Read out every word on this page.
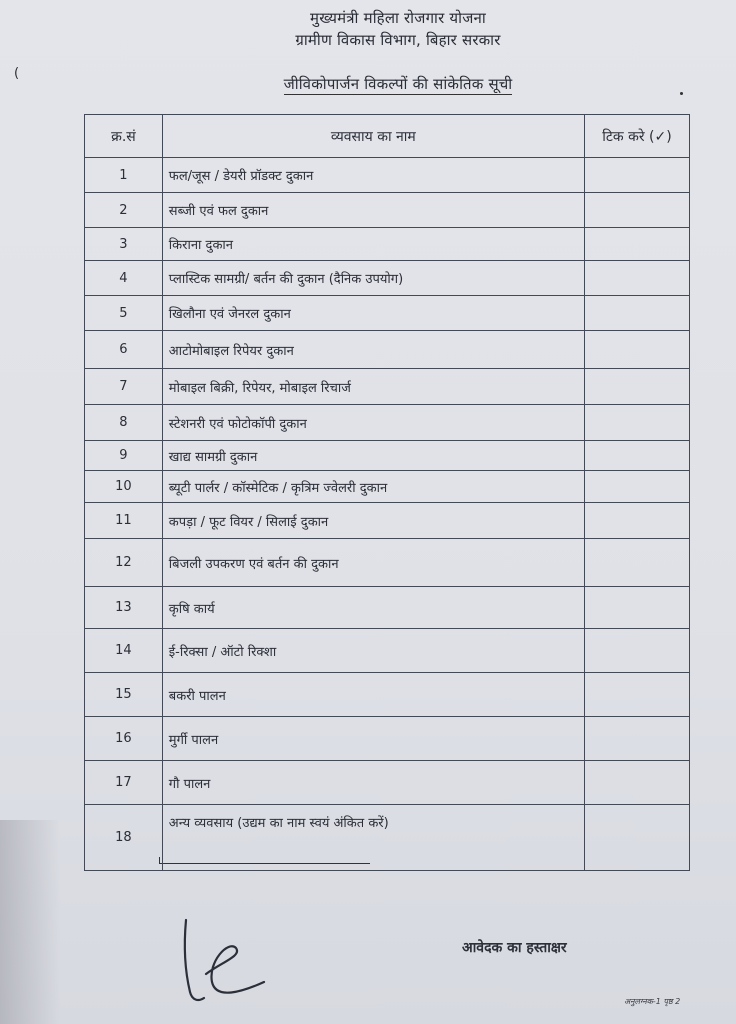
मुख्यमंत्री महिला रोजगार योजना
ग्रामीण विकास विभाग, बिहार सरकार
(
जीविकोपार्जन विकल्पों की सांकेतिक सूची
क्र.सं	व्यवसाय का नाम	टिक करे (✓)
1	फल/जूस / डेयरी प्रॉडक्ट दुकान	
2	सब्जी एवं फल दुकान	
3	किराना दुकान	
4	प्लास्टिक सामग्री/ बर्तन की दुकान (दैनिक उपयोग)	
5	खिलौना एवं जेनरल दुकान	
6	आटोमोबाइल रिपेयर दुकान	
7	मोबाइल बिक्री, रिपेयर, मोबाइल रिचार्ज	
8	स्टेशनरी एवं फोटोकॉपी दुकान	
9	खाद्य सामग्री दुकान	
10	ब्यूटी पार्लर / कॉस्मेटिक / कृत्रिम ज्वेलरी दुकान	
11	कपड़ा / फूट वियर / सिलाई दुकान	
12	बिजली उपकरण एवं बर्तन की दुकान	
13	कृषि कार्य	
14	ई-रिक्सा / ऑटो रिक्शा	
15	बकरी पालन	
16	मुर्गी पालन	
17	गौ पालन	
18	अन्य व्यवसाय (उद्यम का नाम स्वयं अंकित करें)

आवेदक का हस्ताक्षर
अनुलग्नक-1 पृष्ठ 2
